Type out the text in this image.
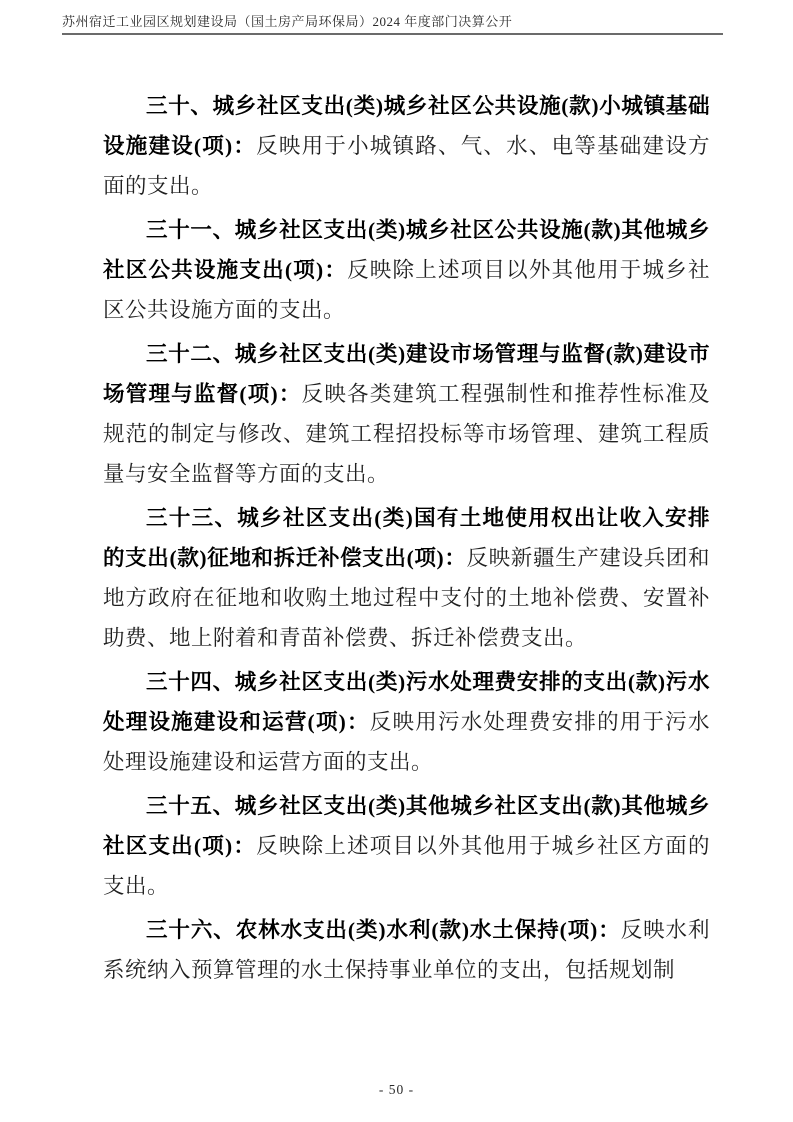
苏州宿迁工业园区规划建设局（国土房产局环保局）2024 年度部门决算公开

三十、城乡社区支出(类)城乡社区公共设施(款)小城镇基础设施建设(项)：反映用于小城镇路、气、水、电等基础建设方面的支出。

三十一、城乡社区支出(类)城乡社区公共设施(款)其他城乡社区公共设施支出(项)：反映除上述项目以外其他用于城乡社区公共设施方面的支出。

三十二、城乡社区支出(类)建设市场管理与监督(款)建设市场管理与监督(项)：反映各类建筑工程强制性和推荐性标准及规范的制定与修改、建筑工程招投标等市场管理、建筑工程质量与安全监督等方面的支出。

三十三、城乡社区支出(类)国有土地使用权出让收入安排的支出(款)征地和拆迁补偿支出(项)：反映新疆生产建设兵团和地方政府在征地和收购土地过程中支付的土地补偿费、安置补助费、地上附着和青苗补偿费、拆迁补偿费支出。

三十四、城乡社区支出(类)污水处理费安排的支出(款)污水处理设施建设和运营(项)：反映用污水处理费安排的用于污水处理设施建设和运营方面的支出。

三十五、城乡社区支出(类)其他城乡社区支出(款)其他城乡社区支出(项)：反映除上述项目以外其他用于城乡社区方面的支出。

三十六、农林水支出(类)水利(款)水土保持(项)：反映水利系统纳入预算管理的水土保持事业单位的支出，包括规划制

- 50 -
